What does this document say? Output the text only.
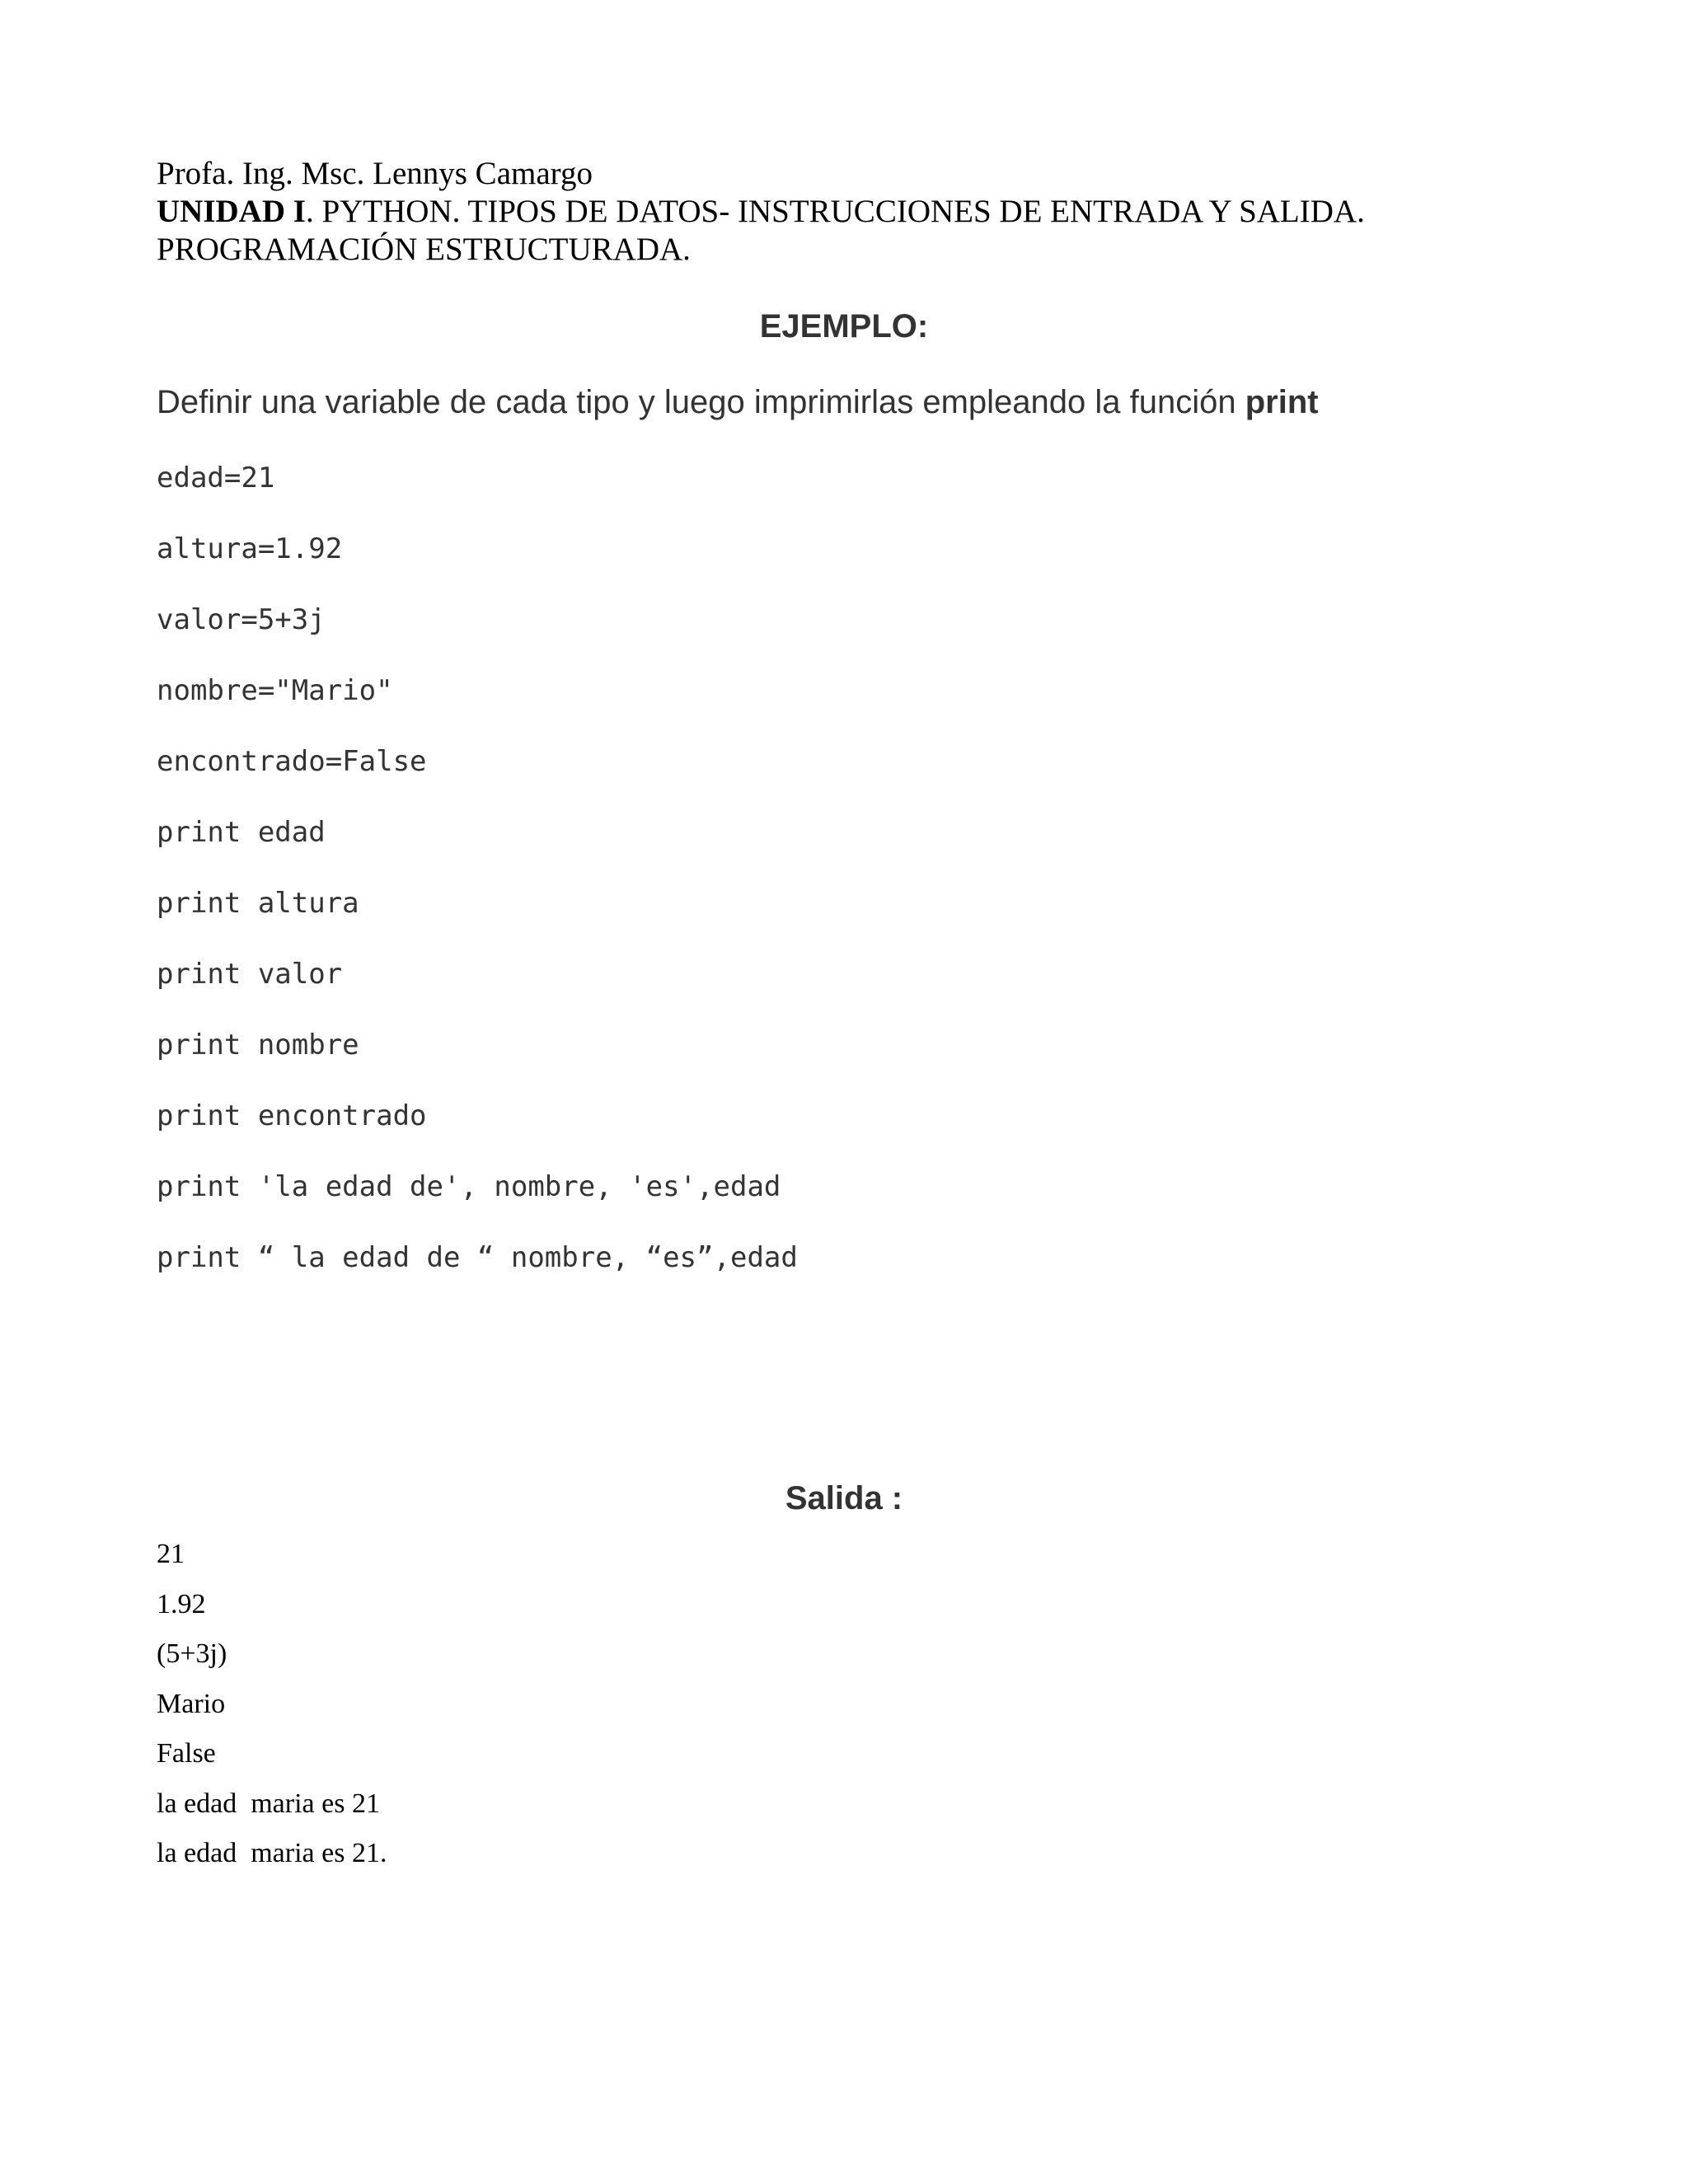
Profa. Ing. Msc. Lennys Camargo
UNIDAD I. PYTHON. TIPOS DE DATOS- INSTRUCCIONES DE ENTRADA Y SALIDA.
PROGRAMACIÓN ESTRUCTURADA.
EJEMPLO:
Definir una variable de cada tipo y luego imprimirlas empleando la función print
edad=21
altura=1.92
valor=5+3j
nombre="Mario"
encontrado=False
print edad
print altura
print valor
print nombre
print encontrado
print 'la edad de', nombre, 'es',edad
print “ la edad de “ nombre, “es”,edad
Salida :
21
1.92
(5+3j)
Mario
False
la edad  maria es 21
la edad  maria es 21.
